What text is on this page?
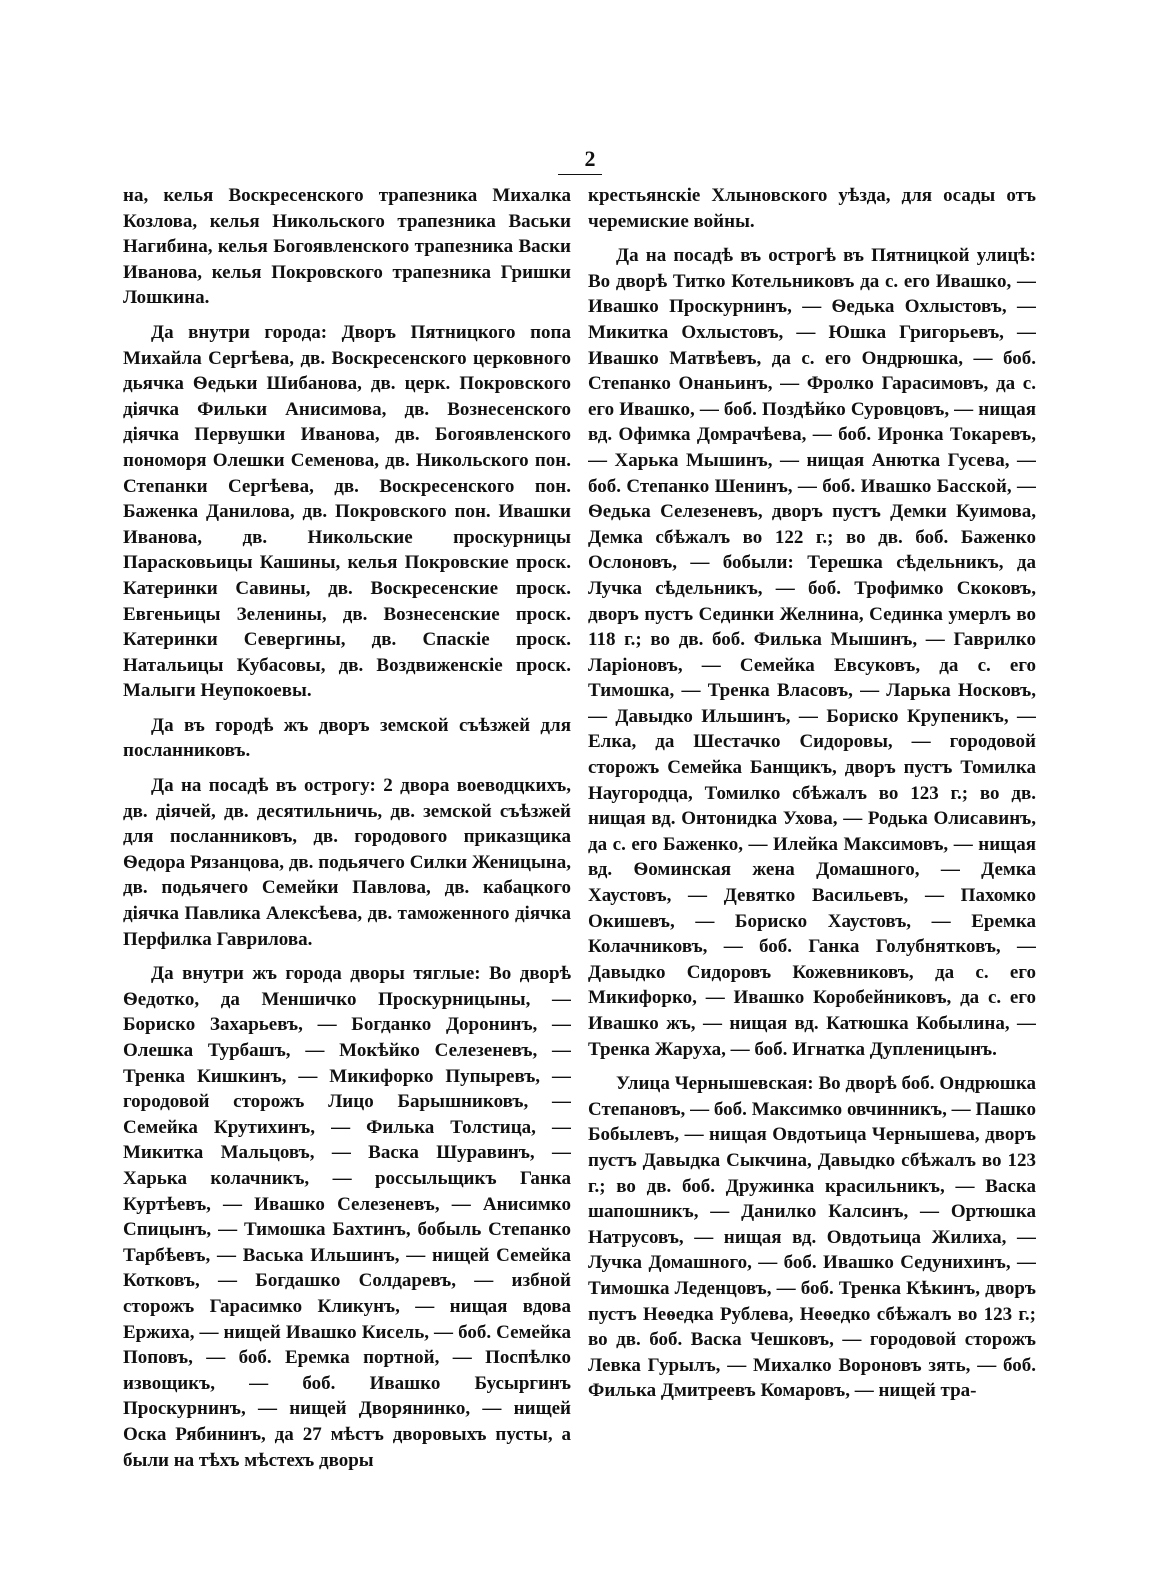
2

на, келья Воскресенского трапезника Михалка Козлова, келья Никольского трапезника Васьки Нагибина, келья Богоявленского трапезника Васки Иванова, келья Покровского трапезника Гришки Лошкина.

Да внутри города: Дворъ Пятницкого попа Михайла Сергѣева, дв. Воскресенского церковного дьячка Ѳедьки Шибанова, дв. церк. Покровского діячка Фильки Анисимова, дв. Вознесенского діячка Первушки Иванова, дв. Богоявленского пономоря Олешки Семенова, дв. Никольского пон. Степанки Сергѣева, дв. Воскресенского пон. Баженка Данилова, дв. Покровского пон. Ивашки Иванова, дв. Никольские проскурницы Парасковьицы Кашины, келья Покровские проск. Катеринки Савины, дв. Воскресенские проск. Евгеньицы Зеленины, дв. Вознесенские проск. Катеринки Севергины, дв. Спаскіе проск. Натальицы Кубасовы, дв. Воздвиженскіе проск. Малыги Неупокоевы.

Да въ городѣ жъ дворъ земской съѣзжей для посланниковъ.

Да на посадѣ въ острогу: 2 двора воеводцкихъ, дв. діячей, дв. десятильничь, дв. земской съѣзжей для посланниковъ, дв. городового приказщика Ѳедора Рязанцова, дв. подьячего Силки Женицына, дв. подьячего Семейки Павлова, дв. кабацкого діячка Павлика Алексѣева, дв. таможенного діячка Перфилка Гаврилова.

Да внутри жъ города дворы тяглые: Во дворѣ Ѳедотко, да Меншичко Проскурницыны, — Бориско Захарьевъ, — Богданко Доронинъ, — Олешка Турбашъ, — Мокѣйко Селезеневъ, — Тренка Кишкинъ, — Микифорко Пупыревъ, — городовой сторожъ Лицо Барышниковъ, — Семейка Крутихинъ, — Филька Толстица, — Микитка Мальцовъ, — Васка Шуравинъ, — Харька колачникъ, — россыльщикъ Ганка Куртѣевъ, — Ивашко Селезеневъ, — Анисимко Спицынъ, — Тимошка Бахтинъ, бобыль Степанко Тарбѣевъ, — Васька Ильшинъ, — нищей Семейка Котковъ, — Богдашко Солдаревъ, — избной сторожъ Гарасимко Кликунъ, — нищая вдова Ержиха, — нищей Ивашко Кисель, — боб. Семейка Поповъ, — боб. Еремка портной, — Поспѣлко извощикъ, — боб. Ивашко Бусыргинъ Проскурнинъ, — нищей Дворянинко, — нищей Оска Рябининъ, да 27 мѣстъ дворовыхъ пусты, а были на тѣхъ мѣстехъ дворы

крестьянскіе Хлыновского уѣзда, для осады отъ черемиские войны.

Да на посадѣ въ острогѣ въ Пятницкой улицѣ: Во дворѣ Титко Котельниковъ да с. его Ивашко, — Ивашко Проскурнинъ, — Ѳедька Охлыстовъ, — Микитка Охлыстовъ, — Юшка Григорьевъ, — Ивашко Матвѣевъ, да с. его Ондрюшка, — боб. Степанко Онаньинъ, — Фролко Гарасимовъ, да с. его Ивашко, — боб. Поздѣйко Суровцовъ, — нищая вд. Офимка Домрачѣева, — боб. Иронка Токаревъ, — Харька Мышинъ, — нищая Анютка Гусева, — боб. Степанко Шенинъ, — боб. Ивашко Басской, — Ѳедька Селезеневъ, дворъ пустъ Демки Куимова, Демка сбѣжалъ во 122 г.; во дв. боб. Баженко Ослоновъ, — бобыли: Терешка сѣдельникъ, да Лучка сѣдельникъ, — боб. Трофимко Скоковъ, дворъ пустъ Сединки Желнина, Сединка умерлъ во 118 г.; во дв. боб. Филька Мышинъ, — Гаврилко Ларіоновъ, — Семейка Евсуковъ, да с. его Тимошка, — Тренка Власовъ, — Ларька Носковъ, — Давыдко Ильшинъ, — Бориско Крупеникъ, — Елка, да Шестачко Сидоровы, — городовой сторожъ Семейка Банщикъ, дворъ пустъ Томилка Наугородца, Томилко сбѣжалъ во 123 г.; во дв. нищая вд. Онтонидка Ухова, — Родька Олисавинъ, да с. его Баженко, — Илейка Максимовъ, — нищая вд. Ѳоминская жена Домашного, — Демка Хаустовъ, — Девятко Васильевъ, — Пахомко Окишевъ, — Бориско Хаустовъ, — Еремка Колачниковъ, — боб. Ганка Голубнятковъ, — Давыдко Сидоровъ Кожевниковъ, да с. его Микифорко, — Ивашко Коробейниковъ, да с. его Ивашко жъ, — нищая вд. Катюшка Кобылина, — Тренка Жаруха, — боб. Игнатка Дупленицынъ.

Улица Чернышевская: Во дворѣ боб. Ондрюшка Степановъ, — боб. Максимко овчинникъ, — Пашко Бобылевъ, — нищая Овдотьица Чернышева, дворъ пустъ Давыдка Сыкчина, Давыдко сбѣжалъ во 123 г.; во дв. боб. Дружинка красильникъ, — Васка шапошникъ, — Данилко Калсинъ, — Ортюшка Натрусовъ, — нищая вд. Овдотьица Жилиха, — Лучка Домашного, — боб. Ивашко Седунихинъ, — Тимошка Леденцовъ, — боб. Тренка Кѣкинъ, дворъ пустъ Неѳедка Рублева, Неѳедко сбѣжалъ во 123 г.; во дв. боб. Васка Чешковъ, — городовой сторожъ Левка Гурылъ, — Михалко Вороновъ зять, — боб. Филька Дмитреевъ Комаровъ, — нищей тра-
